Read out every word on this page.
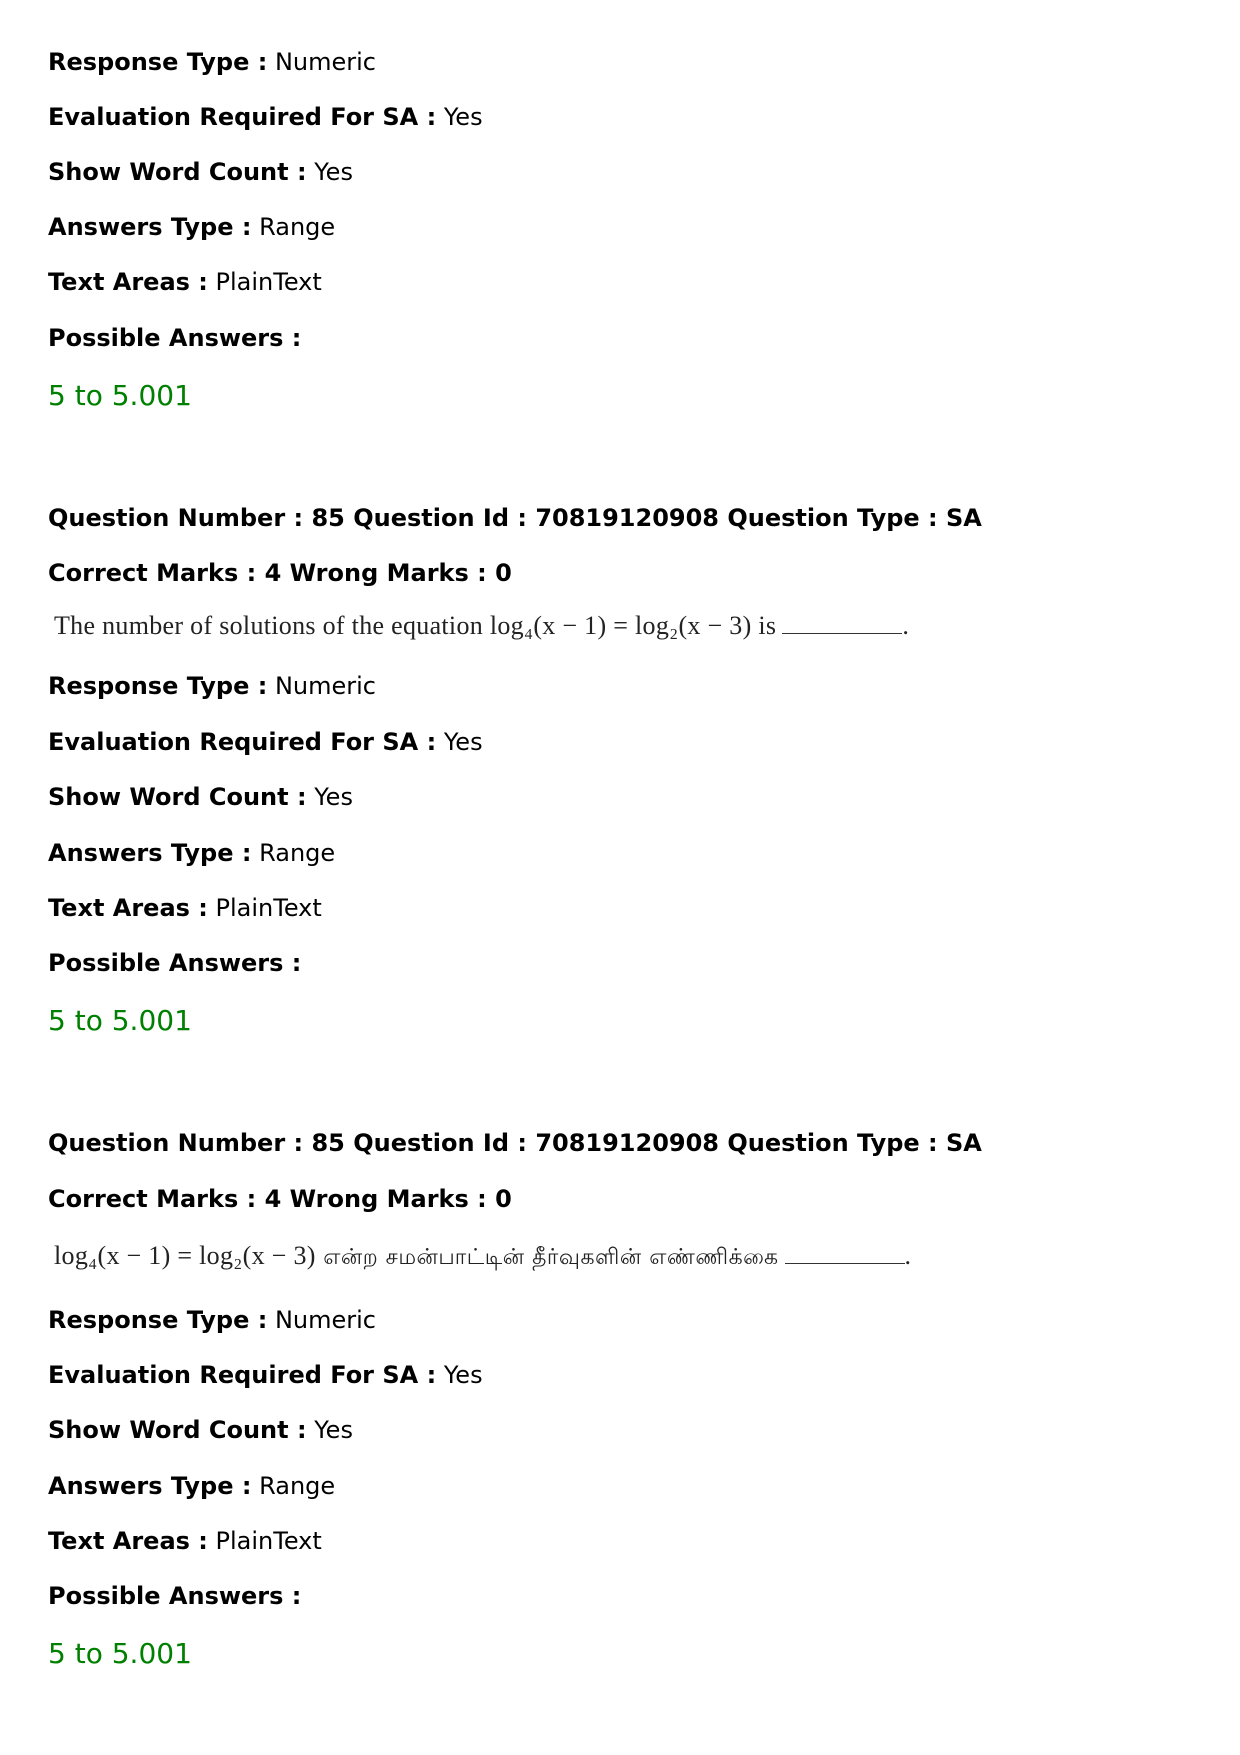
Response Type : Numeric
Evaluation Required For SA : Yes
Show Word Count : Yes
Answers Type : Range
Text Areas : PlainText
Possible Answers :
5 to 5.001
Question Number : 85 Question Id : 70819120908 Question Type : SA
Correct Marks : 4 Wrong Marks : 0
The number of solutions of the equation log₄(x − 1) = log₂(x − 3) is	.
Response Type : Numeric
Evaluation Required For SA : Yes
Show Word Count : Yes
Answers Type : Range
Text Areas : PlainText
Possible Answers :
5 to 5.001
Question Number : 85 Question Id : 70819120908 Question Type : SA
Correct Marks : 4 Wrong Marks : 0
log₄(x − 1) = log₂(x − 3) என்ற சமன்பாட்டின் தீர்வுகளின் எண்ணிக்கை	.
Response Type : Numeric
Evaluation Required For SA : Yes
Show Word Count : Yes
Answers Type : Range
Text Areas : PlainText
Possible Answers :
5 to 5.001
